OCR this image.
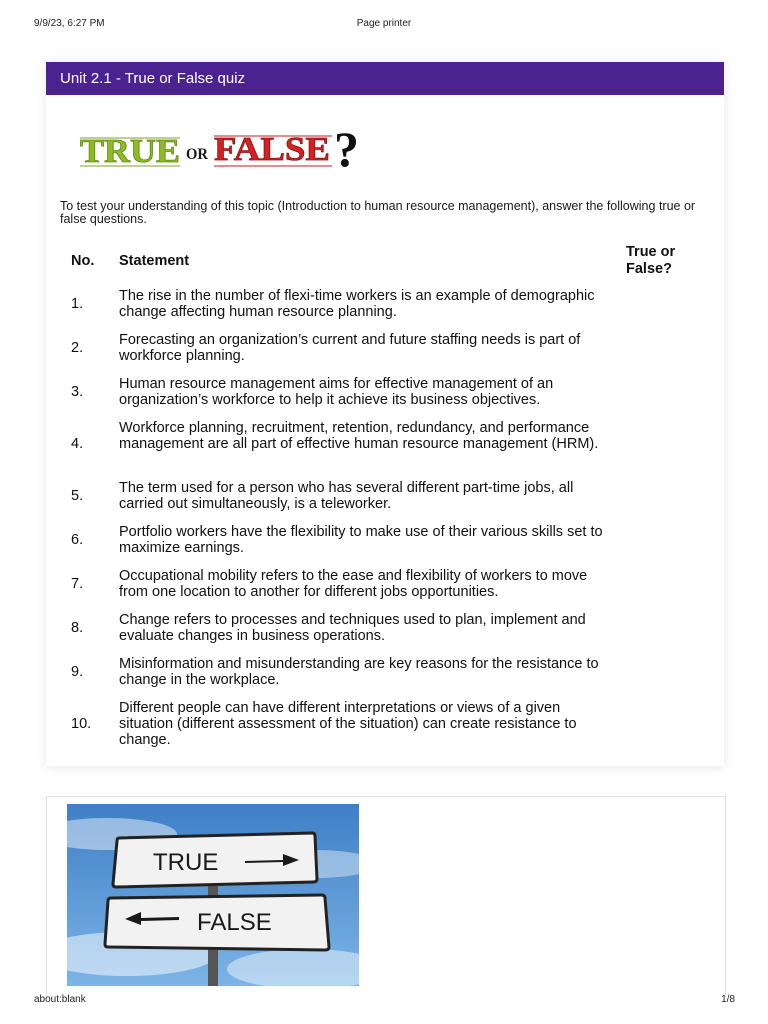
9/9/23, 6:27 PM	Page printer
Unit 2.1 - True or False quiz
TRUE OR FALSE ?
To test your understanding of this topic (Introduction to human resource management), answer the following true or false questions.
No. Statement
True or False?
1. The rise in the number of flexi-time workers is an example of demographic change affecting human resource planning.
2. Forecasting an organization’s current and future staffing needs is part of workforce planning.
3. Human resource management aims for effective management of an organization’s workforce to help it achieve its business objectives.
4.
Workforce planning, recruitment, retention, redundancy, and performance management are all part of effective human resource management (HRM).
5. The term used for a person who has several different part-time jobs, all carried out simultaneously, is a teleworker.
6. Portfolio workers have the flexibility to make use of their various skills set to maximize earnings.
7. Occupational mobility refers to the ease and flexibility of workers to move from one location to another for different jobs opportunities.
8. Change refers to processes and techniques used to plan, implement and evaluate changes in business operations.
9. Misinformation and misunderstanding are key reasons for the resistance to change in the workplace.
10.
Different people can have different interpretations or views of a given situation (different assessment of the situation) can create resistance to change.
TRUE
FALSE
about:blank	1/8
